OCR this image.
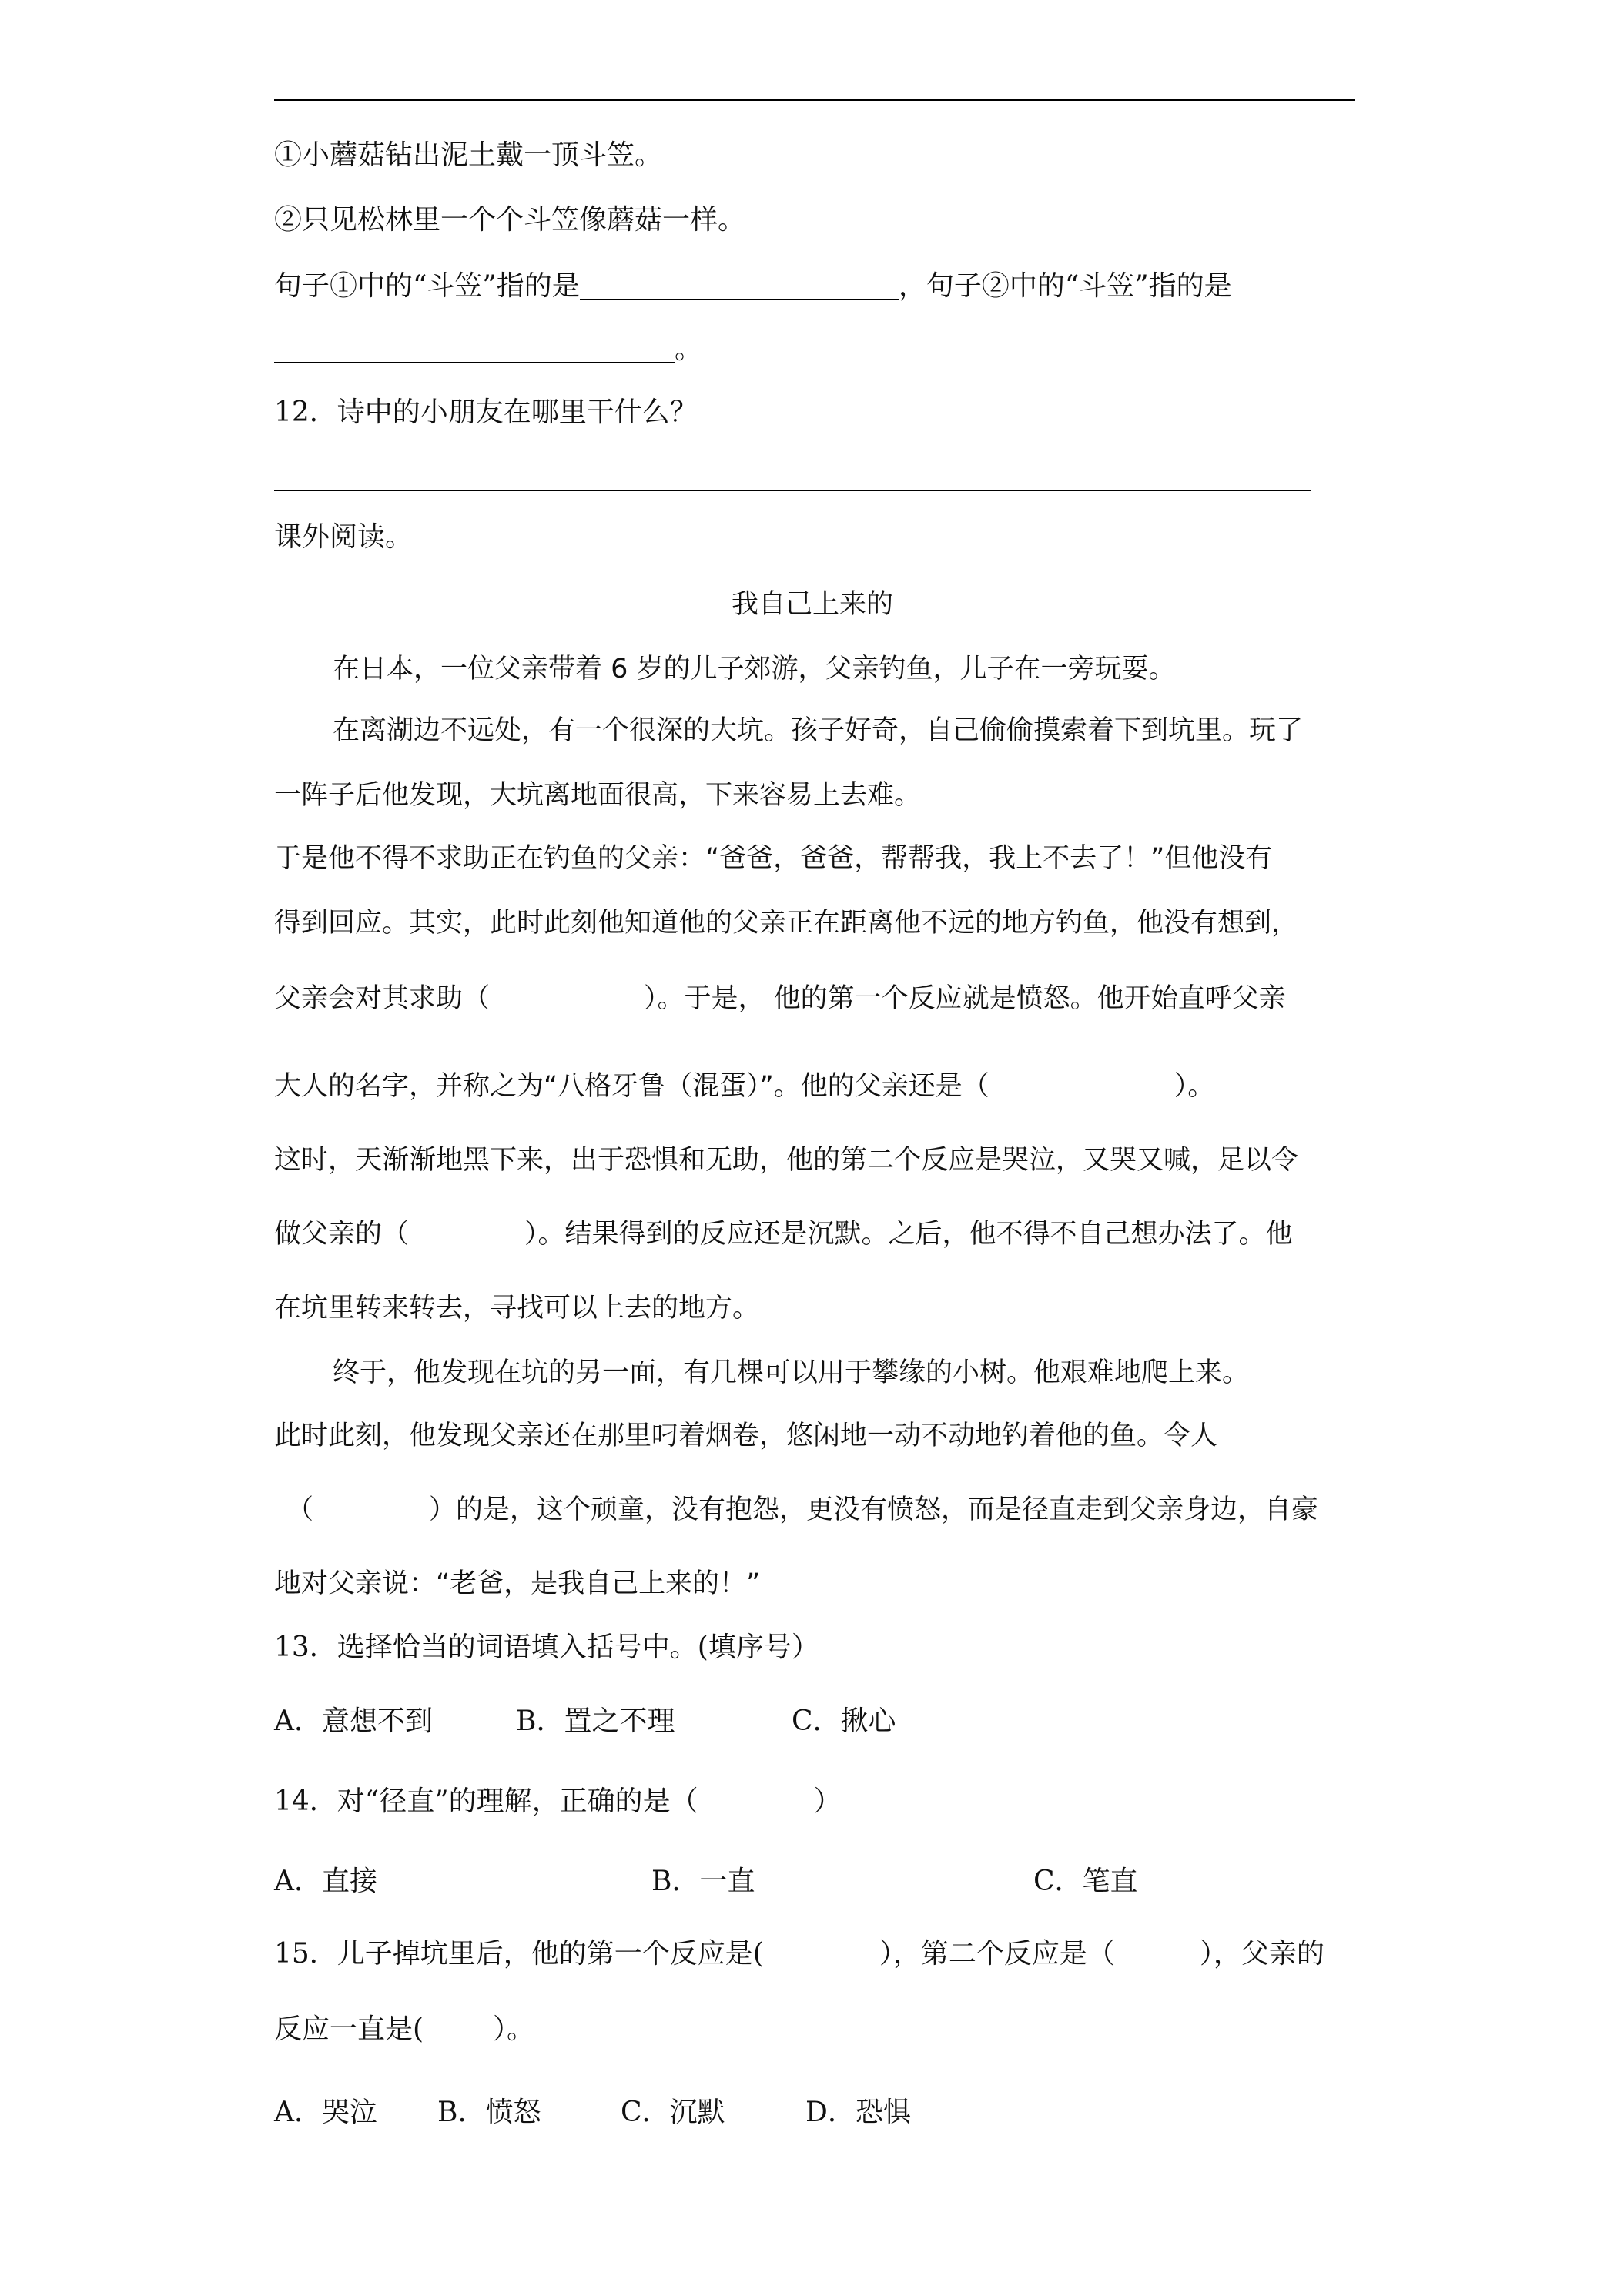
①小蘑菇钻出泥土戴一顶斗笠。
②只见松林里一个个斗笠像蘑菇一样。
句子①中的“斗笠”指的是	，句子②中的“斗笠”指的是
。
12．诗中的小朋友在哪里干什么？
课外阅读。
我自己上来的
在日本，一位父亲带着 6 岁的儿子郊游，父亲钓鱼，儿子在一旁玩耍。
在离湖边不远处，有一个很深的大坑。孩子好奇，自己偷偷摸索着下到坑里。玩了
一阵子后他发现，大坑离地面很高，下来容易上去难。
于是他不得不求助正在钓鱼的父亲：“爸爸，爸爸，帮帮我，我上不去了！”但他没有
得到回应。其实，此时此刻他知道他的父亲正在距离他不远的地方钓鱼，他没有想到，
父亲会对其求助（	）。于是， 他的第一个反应就是愤怒。他开始直呼父亲
大人的名字，并称之为“八格牙鲁（混蛋）”。他的父亲还是（	）。
这时，天渐渐地黑下来，出于恐惧和无助，他的第二个反应是哭泣，又哭又喊，足以令
做父亲的（	）。结果得到的反应还是沉默。之后，他不得不自己想办法了。他
在坑里转来转去，寻找可以上去的地方。
终于，他发现在坑的另一面，有几棵可以用于攀缘的小树。他艰难地爬上来。
此时此刻，他发现父亲还在那里叼着烟卷，悠闲地一动不动地钓着他的鱼。令人
（	）的是，这个顽童，没有抱怨，更没有愤怒，而是径直走到父亲身边，自豪
地对父亲说：“老爸，是我自己上来的！”
13．选择恰当的词语填入括号中。(填序号）
A．意想不到	B．置之不理	C．揪心
14．对“径直”的理解，正确的是（	）
A．直接	B．一直	C．笔直
15．儿子掉坑里后，他的第一个反应是(	），第二个反应是（	），父亲的
反应一直是(	）。
A．哭泣 B．愤怒	C．沉默	D．恐惧
